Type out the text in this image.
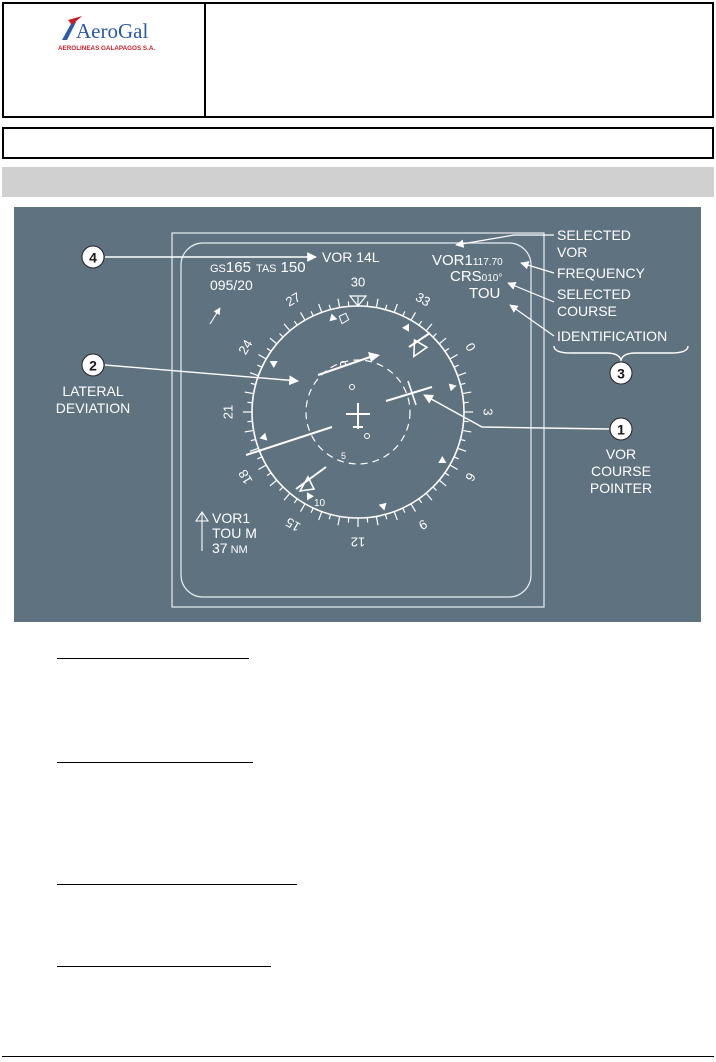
AeroGal
AEROLINEAS GALAPAGOS S.A.
30
33
0
3
6
9
12
15
18
21
24
27
5
10
GS165 TAS 150
095/20
VOR 14L
4	VOR1117.70
CRS010°
TOU
SELECTED
VOR
FREQUENCY
SELECTED
COURSE
IDENTIFICATION
3
2
LATERAL
DEVIATION
1
VOR
COURSE
POINTER
VOR1
TOU M
37 NM
